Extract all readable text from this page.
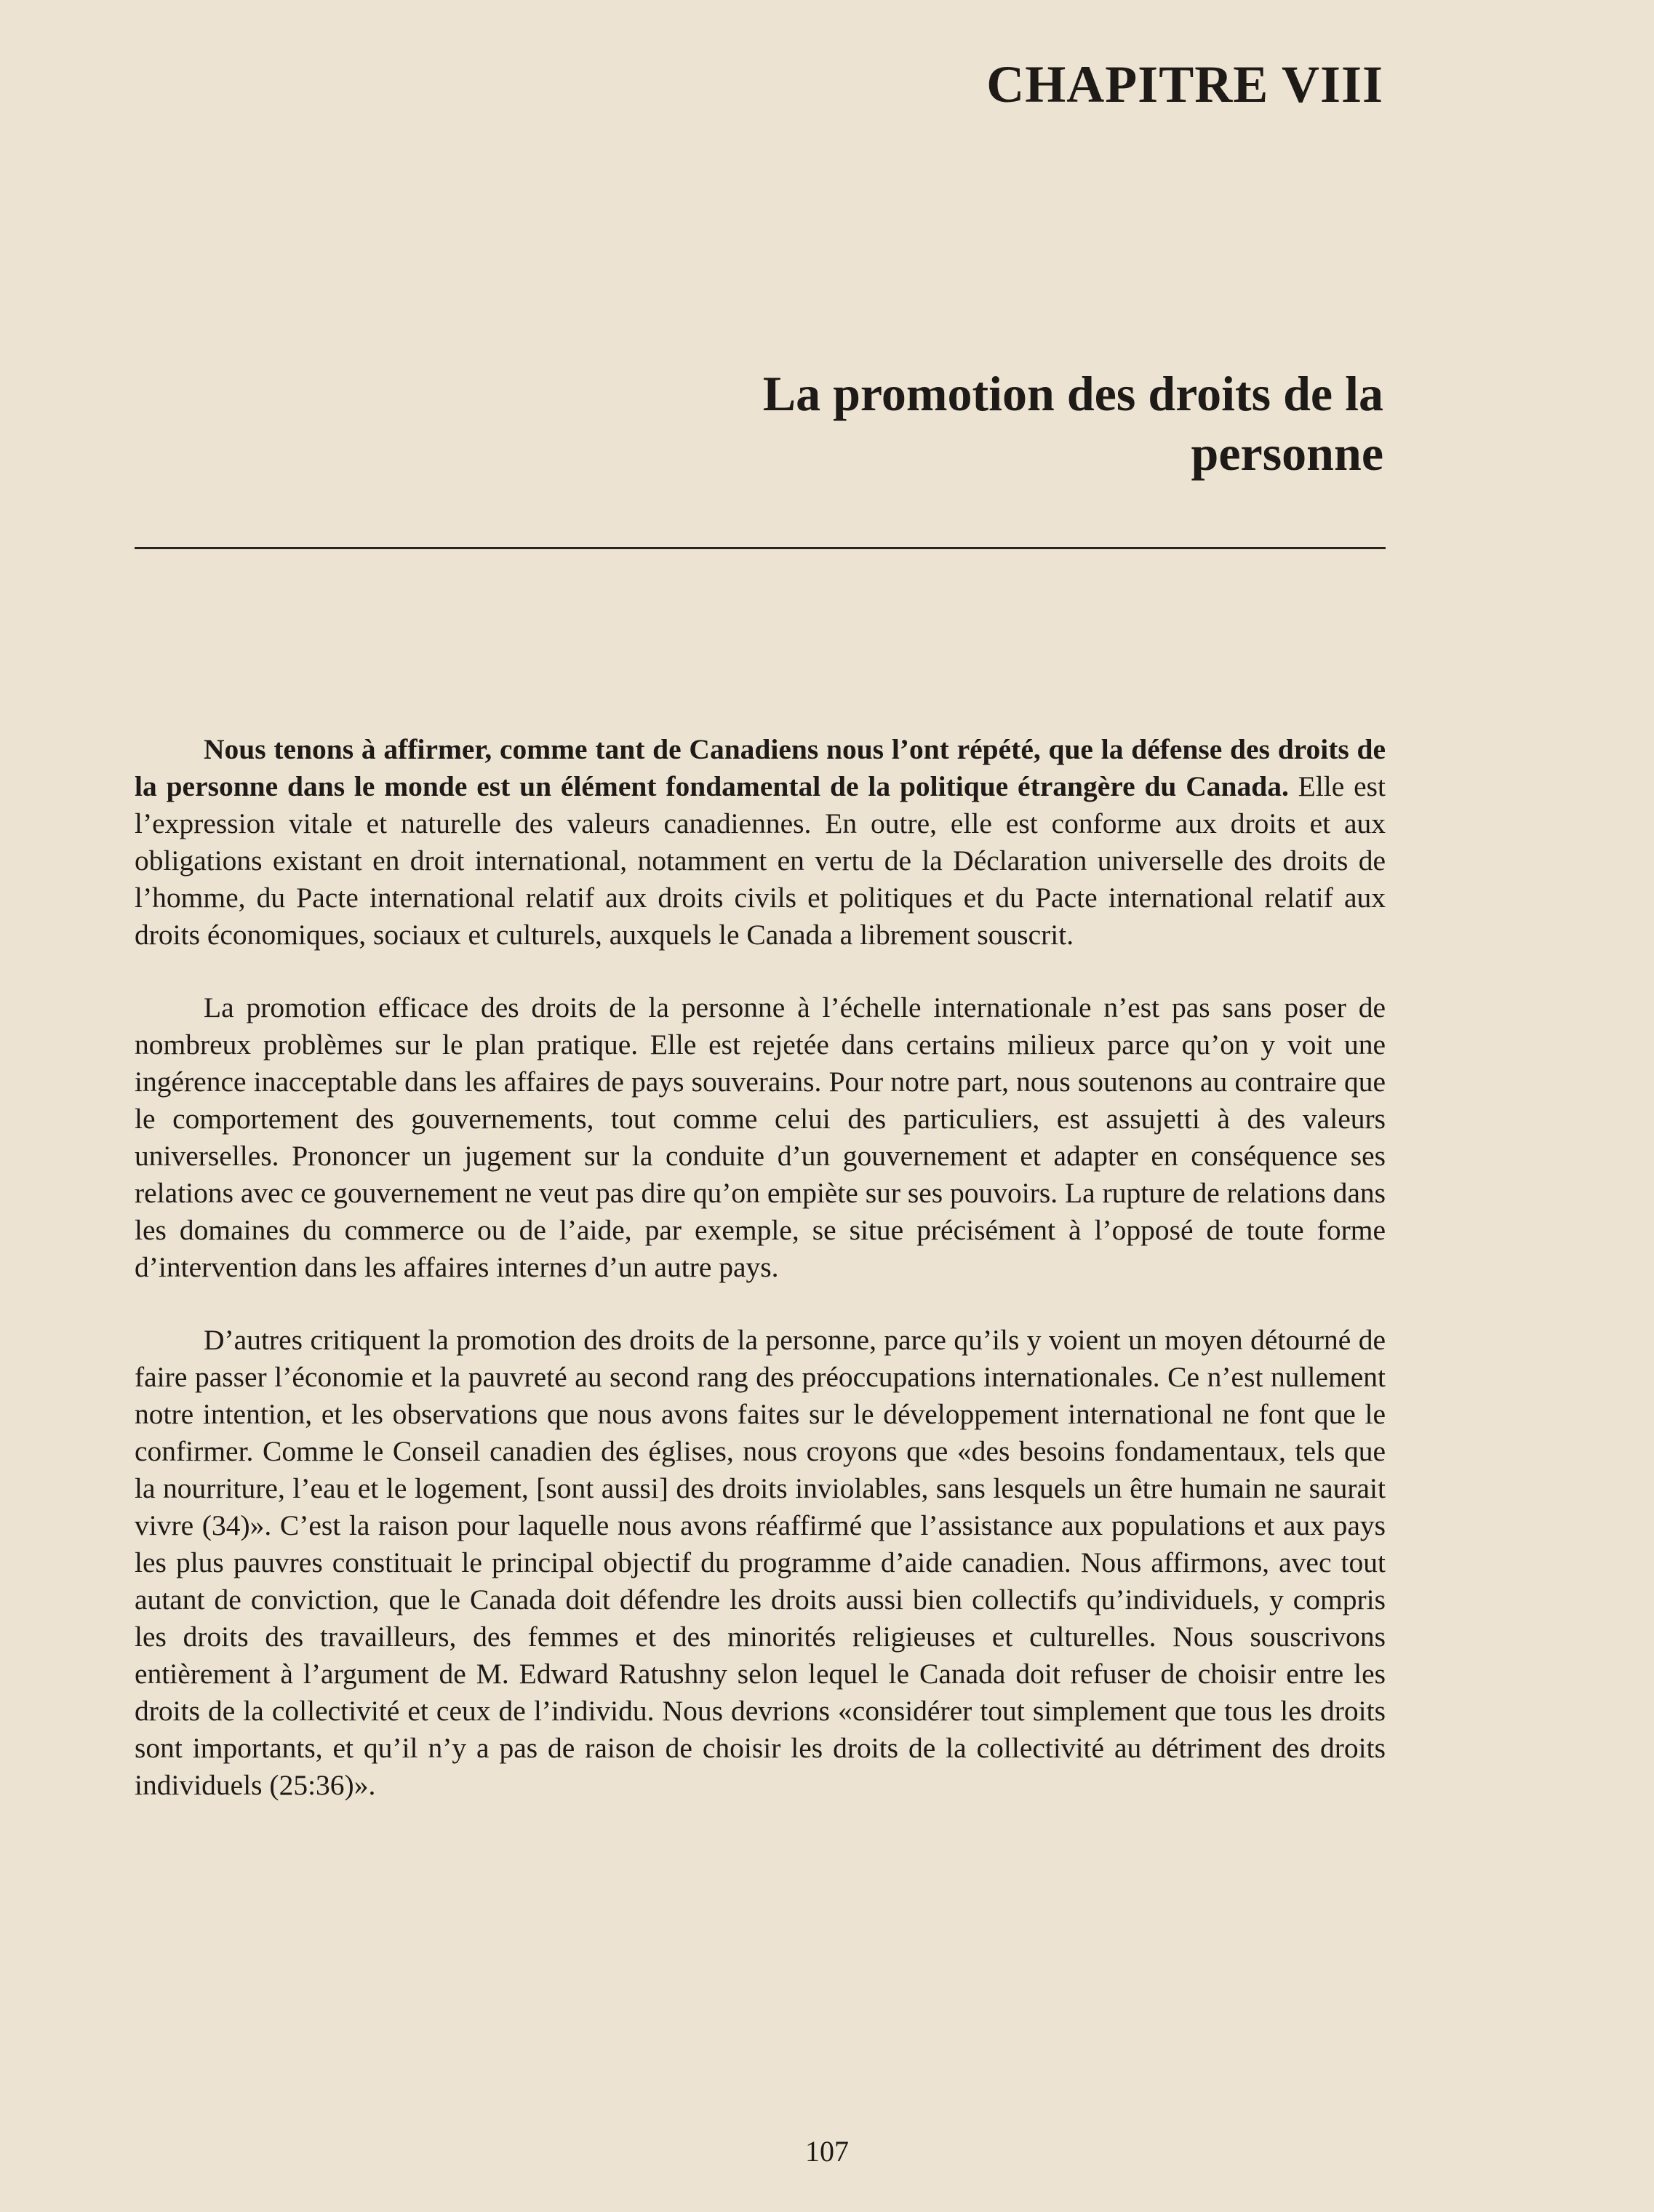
CHAPITRE VIII
La promotion des droits de la personne

Nous tenons à affirmer, comme tant de Canadiens nous l’ont répété, que la défense des droits de la personne dans le monde est un élément fondamental de la politique étrangère du Canada. Elle est l’expression vitale et naturelle des valeurs canadiennes. En outre, elle est conforme aux droits et aux obligations existant en droit international, notamment en vertu de la Déclaration universelle des droits de l’homme, du Pacte international relatif aux droits civils et politiques et du Pacte international relatif aux droits économiques, sociaux et culturels, auxquels le Canada a librement souscrit.

La promotion efficace des droits de la personne à l’échelle internationale n’est pas sans poser de nombreux problèmes sur le plan pratique. Elle est rejetée dans certains milieux parce qu’on y voit une ingérence inacceptable dans les affaires de pays souverains. Pour notre part, nous soutenons au contraire que le comportement des gouvernements, tout comme celui des particuliers, est assujetti à des valeurs universelles. Prononcer un jugement sur la conduite d’un gouvernement et adapter en conséquence ses relations avec ce gouvernement ne veut pas dire qu’on empiète sur ses pouvoirs. La rupture de relations dans les domaines du commerce ou de l’aide, par exemple, se situe précisément à l’opposé de toute forme d’intervention dans les affaires internes d’un autre pays.

D’autres critiquent la promotion des droits de la personne, parce qu’ils y voient un moyen détourné de faire passer l’économie et la pauvreté au second rang des préoccupations internationales. Ce n’est nullement notre intention, et les observations que nous avons faites sur le développement international ne font que le confirmer. Comme le Conseil canadien des églises, nous croyons que «des besoins fondamentaux, tels que la nourriture, l’eau et le logement, [sont aussi] des droits inviolables, sans lesquels un être humain ne saurait vivre (34)». C’est la raison pour laquelle nous avons réaffirmé que l’assistance aux populations et aux pays les plus pauvres constituait le principal objectif du programme d’aide canadien. Nous affirmons, avec tout autant de conviction, que le Canada doit défendre les droits aussi bien collectifs qu’individuels, y compris les droits des travailleurs, des femmes et des minorités religieuses et culturelles. Nous souscrivons entièrement à l’argument de M. Edward Ratushny selon lequel le Canada doit refuser de choisir entre les droits de la collectivité et ceux de l’individu. Nous devrions «considérer tout simplement que tous les droits sont importants, et qu’il n’y a pas de raison de choisir les droits de la collectivité au détriment des droits individuels (25:36)».

107
